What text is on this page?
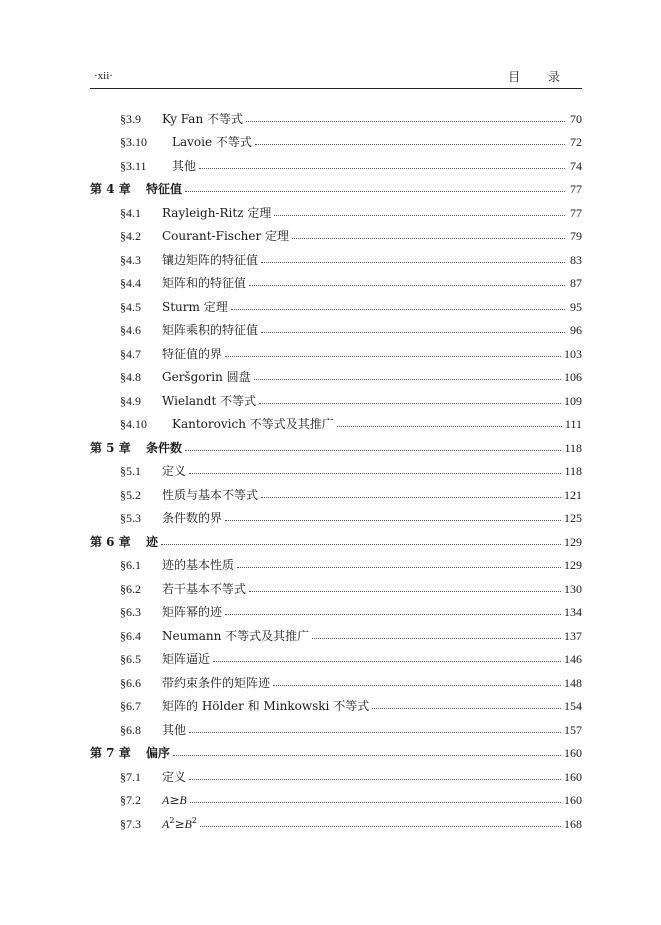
·xii·	目 录
§3.9	Ky Fan 不等式	70
§3.10	Lavoie 不等式	72
§3.11	其他	74
第 4 章	特征值	77
§4.1	Rayleigh-Ritz 定理	77
§4.2	Courant-Fischer 定理	79
§4.3	镶边矩阵的特征值	83
§4.4	矩阵和的特征值	87
§4.5	Sturm 定理	95
§4.6	矩阵乘积的特征值	96
§4.7	特征值的界	103
§4.8	Geršgorin 圆盘	106
§4.9	Wielandt 不等式	109
§4.10	Kantorovich 不等式及其推广	111
第 5 章	条件数	118
§5.1	定义	118
§5.2	性质与基本不等式	121
§5.3	条件数的界	125
第 6 章	迹	129
§6.1	迹的基本性质	129
§6.2	若干基本不等式	130
§6.3	矩阵幂的迹	134
§6.4	Neumann 不等式及其推广	137
§6.5	矩阵逼近	146
§6.6	带约束条件的矩阵迹	148
§6.7	矩阵的 Hölder 和 Minkowski 不等式	154
§6.8	其他	157
第 7 章	偏序	160
§7.1	定义	160
§7.2	A≥B	160
§7.3	$A^2\ge B^2$	168
